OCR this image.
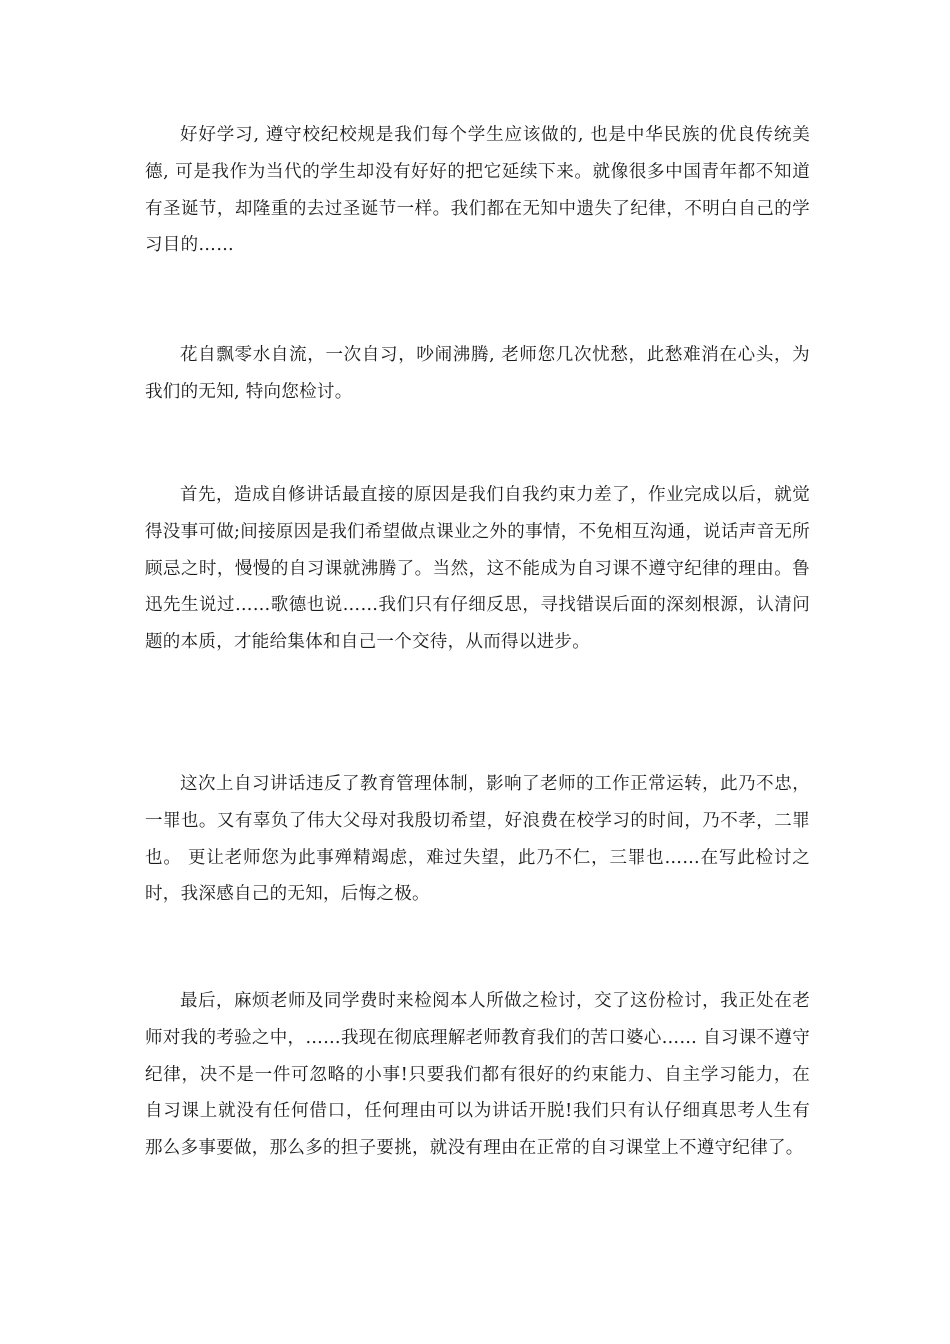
好好学习, 遵守校纪校规是我们每个学生应该做的, 也是中华民族的优良传统美德, 可是我作为当代的学生却没有好好的把它延续下来。就像很多中国青年都不知道有圣诞节，却隆重的去过圣诞节一样。我们都在无知中遗失了纪律，不明白自己的学习目的……

花自飘零水自流，一次自习，吵闹沸腾, 老师您几次忧愁，此愁难消在心头，为我们的无知, 特向您检讨。

首先，造成自修讲话最直接的原因是我们自我约束力差了，作业完成以后，就觉得没事可做;间接原因是我们希望做点课业之外的事情，不免相互沟通，说话声音无所顾忌之时，慢慢的自习课就沸腾了。当然，这不能成为自习课不遵守纪律的理由。鲁迅先生说过……歌德也说……我们只有仔细反思，寻找错误后面的深刻根源，认清问题的本质，才能给集体和自己一个交待，从而得以进步。

这次上自习讲话违反了教育管理体制，影响了老师的工作正常运转，此乃不忠，一罪也。又有辜负了伟大父母对我殷切希望，好浪费在校学习的时间，乃不孝，二罪也。 更让老师您为此事殚精竭虑，难过失望，此乃不仁，三罪也……在写此检讨之时，我深感自己的无知，后悔之极。

最后，麻烦老师及同学费时来检阅本人所做之检讨，交了这份检讨，我正处在老师对我的考验之中，……我现在彻底理解老师教育我们的苦口婆心…… 自习课不遵守纪律，决不是一件可忽略的小事!只要我们都有很好的约束能力、自主学习能力，在自习课上就没有任何借口，任何理由可以为讲话开脱!我们只有认仔细真思考人生有那么多事要做，那么多的担子要挑，就没有理由在正常的自习课堂上不遵守纪律了。
